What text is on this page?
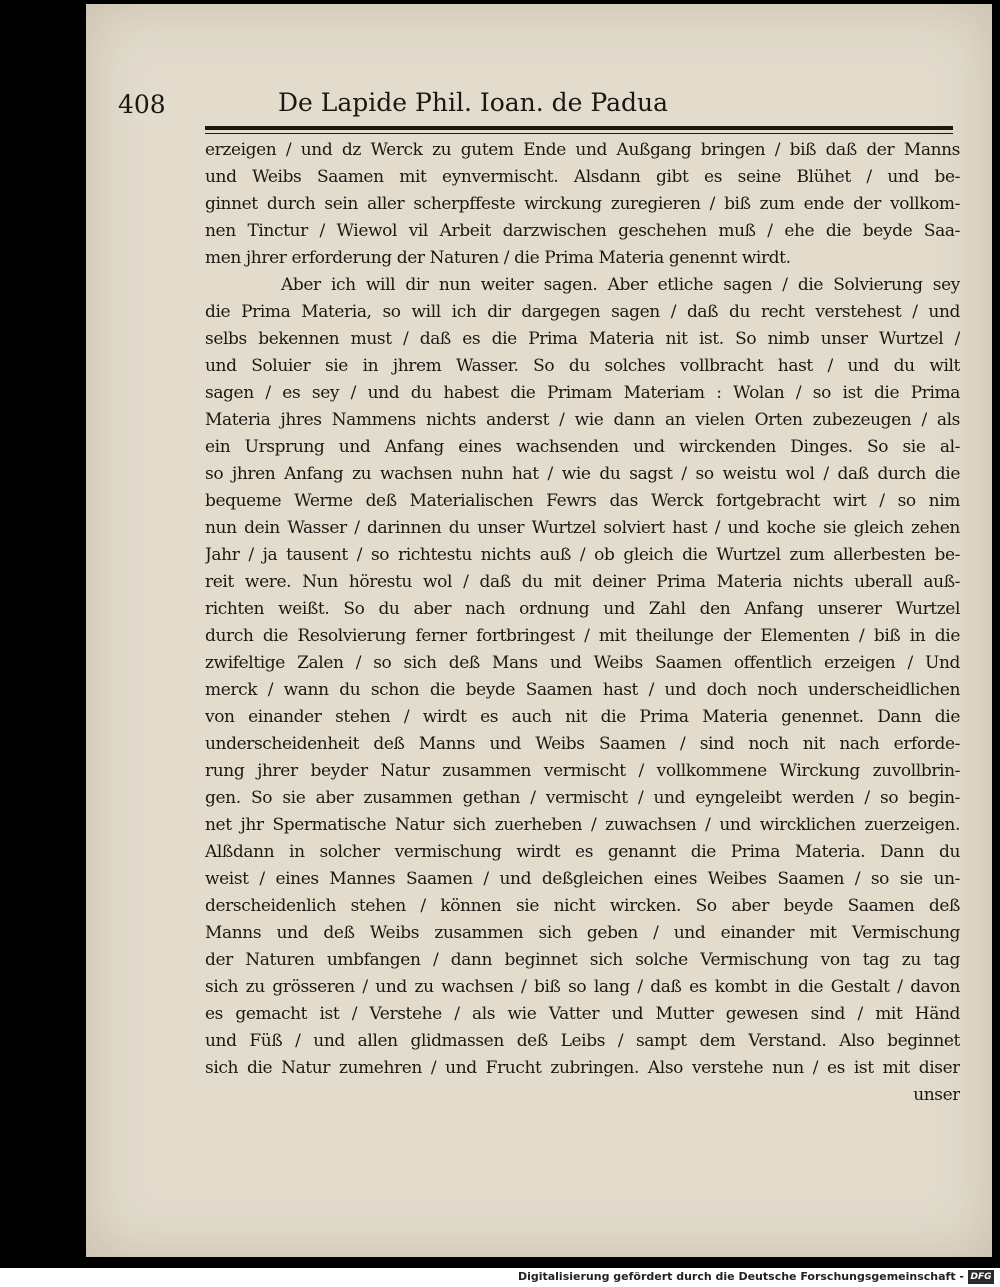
408	De Lapide Phil. Ioan. de Padua
erzeigen / und dz Werck zu gutem Ende und Außgang bringen / biß daß der Manns
und Weibs Saamen mit eynvermischt. Alsdann gibt es seine Blühet / und be-
ginnet durch sein aller scherpffeste wirckung zuregieren / biß zum ende der vollkom-
nen Tinctur / Wiewol vil Arbeit darzwischen geschehen muß / ehe die beyde Saa-
men jhrer erforderung der Naturen / die Prima Materia genennt wirdt.
Aber ich will dir nun weiter sagen. Aber etliche sagen / die Solvierung sey
die Prima Materia, so will ich dir dargegen sagen / daß du recht verstehest / und
selbs bekennen must / daß es die Prima Materia nit ist. So nimb unser Wurtzel /
und Soluier sie in jhrem Wasser. So du solches vollbracht hast / und du wilt
sagen / es sey / und du habest die Primam Materiam : Wolan / so ist die Prima
Materia jhres Nammens nichts anderst / wie dann an vielen Orten zubezeugen / als
ein Ursprung und Anfang eines wachsenden und wirckenden Dinges. So sie al-
so jhren Anfang zu wachsen nuhn hat / wie du sagst / so weistu wol / daß durch die
bequeme Werme deß Materialischen Fewrs das Werck fortgebracht wirt / so nim
nun dein Wasser / darinnen du unser Wurtzel solviert hast / und koche sie gleich zehen
Jahr / ja tausent / so richtestu nichts auß / ob gleich die Wurtzel zum allerbesten be-
reit were. Nun hörestu wol / daß du mit deiner Prima Materia nichts uberall auß-
richten weißt. So du aber nach ordnung und Zahl den Anfang unserer Wurtzel
durch die Resolvierung ferner fortbringest / mit theilunge der Elementen / biß in die
zwifeltige Zalen / so sich deß Mans und Weibs Saamen offentlich erzeigen / Und
merck / wann du schon die beyde Saamen hast / und doch noch underscheidlichen
von einander stehen / wirdt es auch nit die Prima Materia genennet. Dann die
underscheidenheit deß Manns und Weibs Saamen / sind noch nit nach erforde-
rung jhrer beyder Natur zusammen vermischt / vollkommene Wirckung zuvollbrin-
gen. So sie aber zusammen gethan / vermischt / und eyngeleibt werden / so begin-
net jhr Spermatische Natur sich zuerheben / zuwachsen / und wircklichen zuerzeigen.
Alßdann in solcher vermischung wirdt es genannt die Prima Materia. Dann du
weist / eines Mannes Saamen / und deßgleichen eines Weibes Saamen / so sie un-
derscheidenlich stehen / können sie nicht wircken. So aber beyde Saamen deß
Manns und deß Weibs zusammen sich geben / und einander mit Vermischung
der Naturen umbfangen / dann beginnet sich solche Vermischung von tag zu tag
sich zu grösseren / und zu wachsen / biß so lang / daß es kombt in die Gestalt / davon
es gemacht ist / Verstehe / als wie Vatter und Mutter gewesen sind / mit Händ
und Füß / und allen glidmassen deß Leibs / sampt dem Verstand. Also beginnet
sich die Natur zumehren / und Frucht zubringen. Also verstehe nun / es ist mit diser
unser
Digitalisierung gefördert durch die Deutsche Forschungsgemeinschaft - DFG
